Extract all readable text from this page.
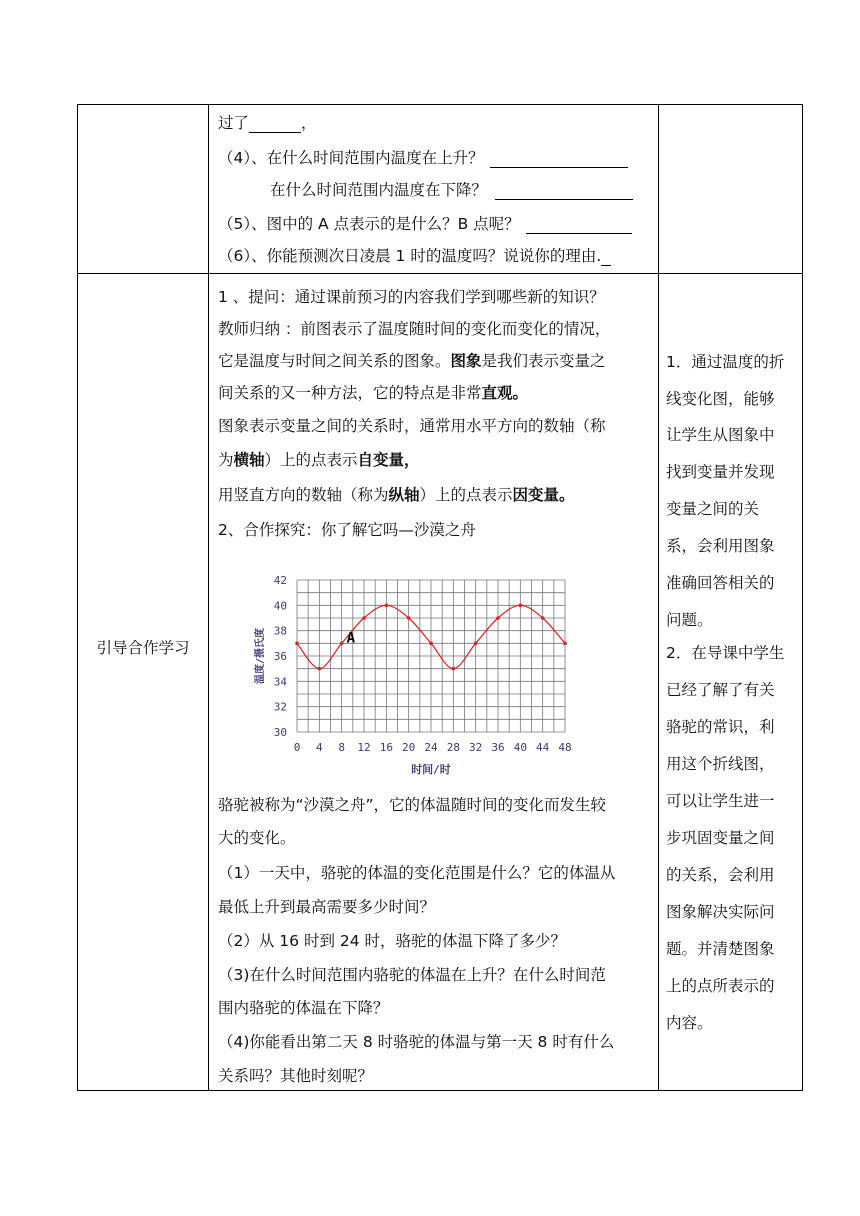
过了	，
（4）、在什么时间范围内温度在上升？
在什么时间范围内温度在下降？
（5）、图中的 A 点表示的是什么？B 点呢？
（6）、你能预测次日凌晨 1 时的温度吗？说说你的理由.
引导合作学习
1 、提问：通过课前预习的内容我们学到哪些新的知识？
教师归纳 ：前图表示了温度随时间的变化而变化的情况，
它是温度与时间之间关系的图象。图象是我们表示变量之
间关系的又一种方法，它的特点是非常直观。
图象表示变量之间的关系时，通常用水平方向的数轴（称
为横轴）上的点表示自变量，
用竖直方向的数轴（称为纵轴）上的点表示因变量。
2、合作探究：你了解它吗—沙漠之舟
30
32
34
36
38
40
42
0 4 8 12 16 20 24 28 32 36 40 44 48
时间/时
温度/摄氏度	A
骆驼被称为“沙漠之舟”，它的体温随时间的变化而发生较
大的变化。
（1）一天中，骆驼的体温的变化范围是什么？它的体温从
最低上升到最高需要多少时间？
（2）从 16 时到 24 时，骆驼的体温下降了多少？
（3)在什么时间范围内骆驼的体温在上升？在什么时间范
围内骆驼的体温在下降？
（4)你能看出第二天 8 时骆驼的体温与第一天 8 时有什么
关系吗？其他时刻呢？
1．通过温度的折
线变化图，能够
让学生从图象中
找到变量并发现
变量之间的关
系，会利用图象
准确回答相关的
问题。
2．在导课中学生
已经了解了有关
骆驼的常识，利
用这个折线图，
可以让学生进一
步巩固变量之间
的关系，会利用
图象解决实际问
题。并清楚图象
上的点所表示的
内容。
